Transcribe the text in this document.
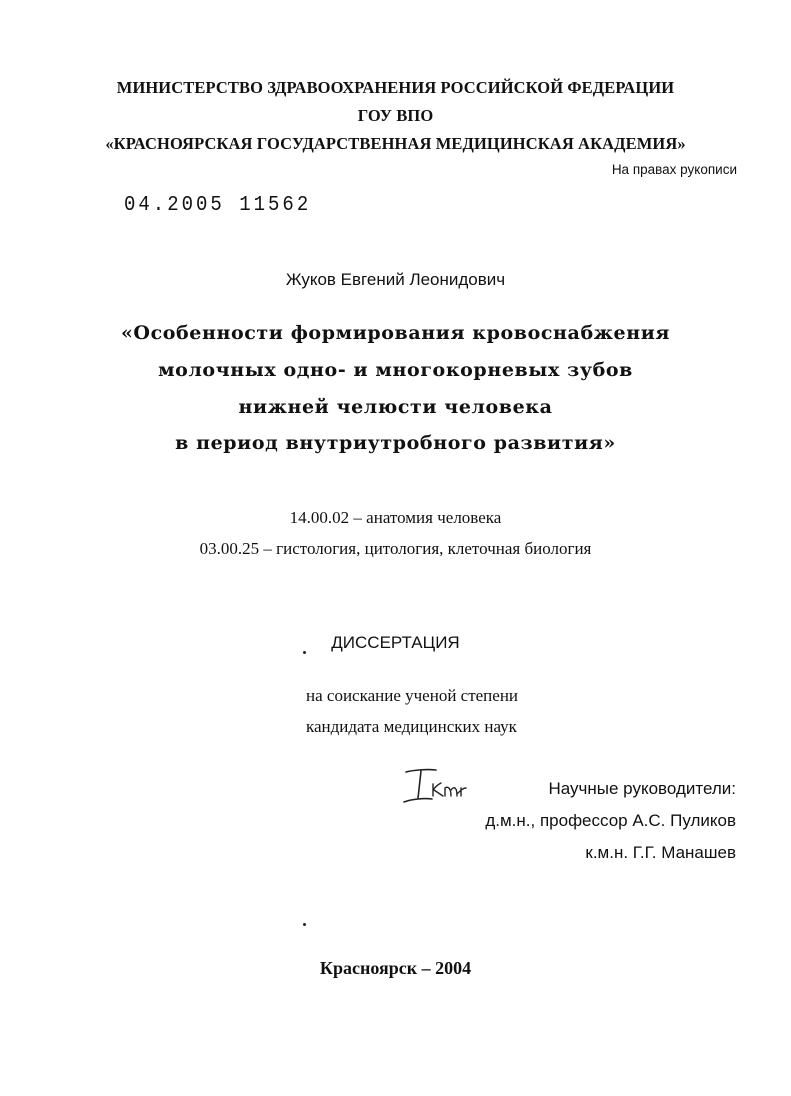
МИНИСТЕРСТВО ЗДРАВООХРАНЕНИЯ РОССИЙСКОЙ ФЕДЕРАЦИИ
ГОУ ВПО
«КРАСНОЯРСКАЯ ГОСУДАРСТВЕННАЯ МЕДИЦИНСКАЯ АКАДЕМИЯ»
На правах рукописи
04.2005 11562
Жуков Евгений Леонидович
«Особенности формирования кровоснабжения
молочных одно- и многокорневых зубов
нижней челюсти человека
в период внутриутробного развития»
14.00.02 – анатомия человека
03.00.25 – гистология, цитология, клеточная биология
ДИССЕРТАЦИЯ
на соискание ученой степени
кандидата медицинских наук
Научные руководители:
д.м.н., профессор А.С. Пуликов
к.м.н. Г.Г. Манашев
Красноярск – 2004
